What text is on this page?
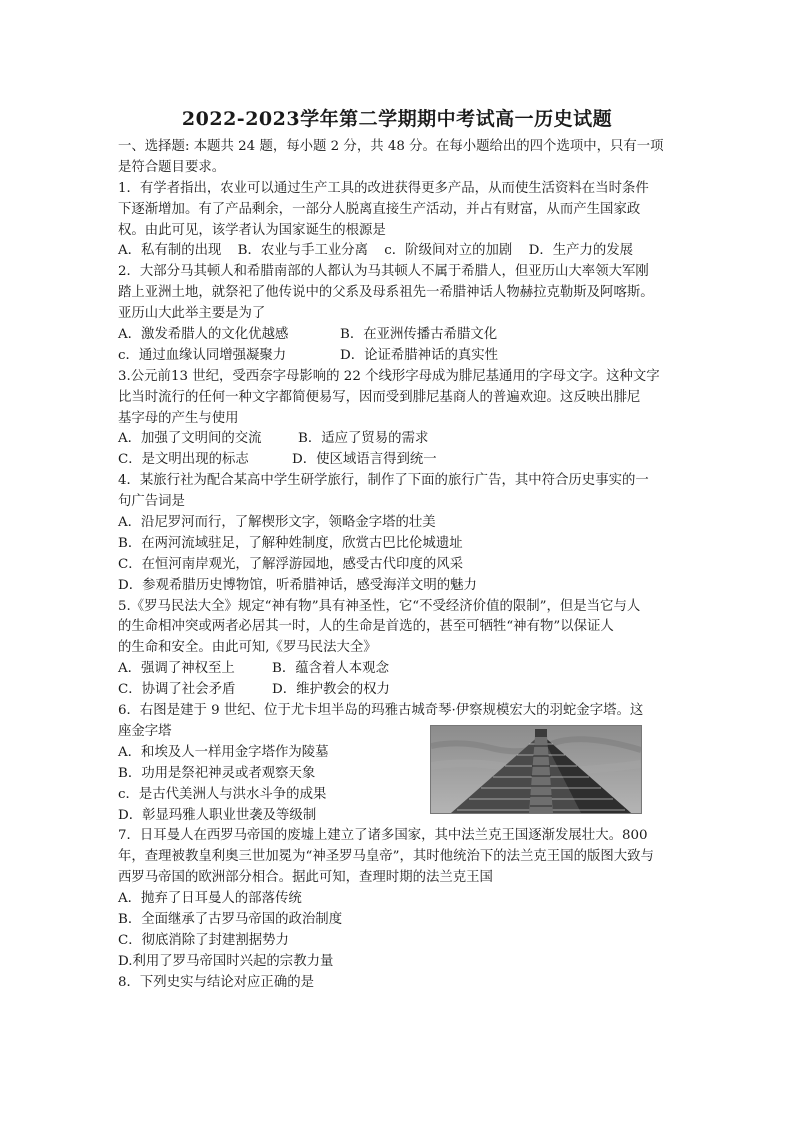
2022-2023学年第二学期期中考试高一历史试题
一、选择题: 本题共 24 题，每小题 2 分，共 48 分。在每小题给出的四个选项中，只有一项
是符合题目要求。
1．有学者指出，农业可以通过生产工具的改进获得更多产品，从而使生活资料在当时条件
下逐渐增加。有了产品剩余，一部分人脱离直接生产活动，并占有财富，从而产生国家政
权。由此可见，该学者认为国家诞生的根源是
A．私有制的出现 B．农业与手工业分离 c．阶级间对立的加剧 D．生产力的发展
2．大部分马其顿人和希腊南部的人都认为马其顿人不属于希腊人，但亚历山大率领大军刚
踏上亚洲土地，就祭祀了他传说中的父系及母系祖先一希腊神话人物赫拉克勒斯及阿喀斯。
亚历山大此举主要是为了
A．激发希腊人的文化优越感	B．在亚洲传播古希腊文化
c．通过血缘认同增强凝聚力	D．论证希腊神话的真实性
3.公元前13 世纪，受西奈字母影响的 22 个线形字母成为腓尼基通用的字母文字。这种文字
比当时流行的任何一种文字都简便易写，因而受到腓尼基商人的普遍欢迎。这反映出腓尼
基字母的产生与使用
A．加强了文明间的交流	B．适应了贸易的需求
C．是文明出现的标志	D．使区域语言得到统一
4．某旅行社为配合某高中学生研学旅行，制作了下面的旅行广告，其中符合历史事实的一
句广告词是
A．沿尼罗河而行，了解楔形文字，领略金字塔的壮美
B．在两河流域驻足，了解种姓制度，欣赏古巴比伦城遗址
C．在恒河南岸观光，了解浮游园地，感受古代印度的风采
D．参观希腊历史博物馆，听希腊神话，感受海洋文明的魅力
5.《罗马民法大全》规定“神有物”具有神圣性，它“不受经济价值的限制”，但是当它与人
的生命相冲突或两者必居其一时，人的生命是首选的，甚至可牺牲“神有物”以保证人
的生命和安全。由此可知,《罗马民法大全》
A．强调了神权至上	B．蕴含着人本观念
C．协调了社会矛盾	D．维护教会的权力
6．右图是建于 9 世纪、位于尤卡坦半岛的玛雅古城奇琴·伊察规模宏大的羽蛇金字塔。这
座金字塔
A．和埃及人一样用金字塔作为陵墓
B．功用是祭祀神灵或者观察天象
c．是古代美洲人与洪水斗争的成果
D．彰显玛雅人职业世袭及等级制
7．日耳曼人在西罗马帝国的废墟上建立了诸多国家，其中法兰克王国逐渐发展壮大。800
年，查理被教皇利奥三世加冕为“神圣罗马皇帝”，其时他统治下的法兰克王国的版图大致与
西罗马帝国的欧洲部分相合。据此可知，查理时期的法兰克王国
A．抛弃了日耳曼人的部落传统
B．全面继承了古罗马帝国的政治制度
C．彻底消除了封建割据势力
D.利用了罗马帝国时兴起的宗教力量
8．下列史实与结论对应正确的是
